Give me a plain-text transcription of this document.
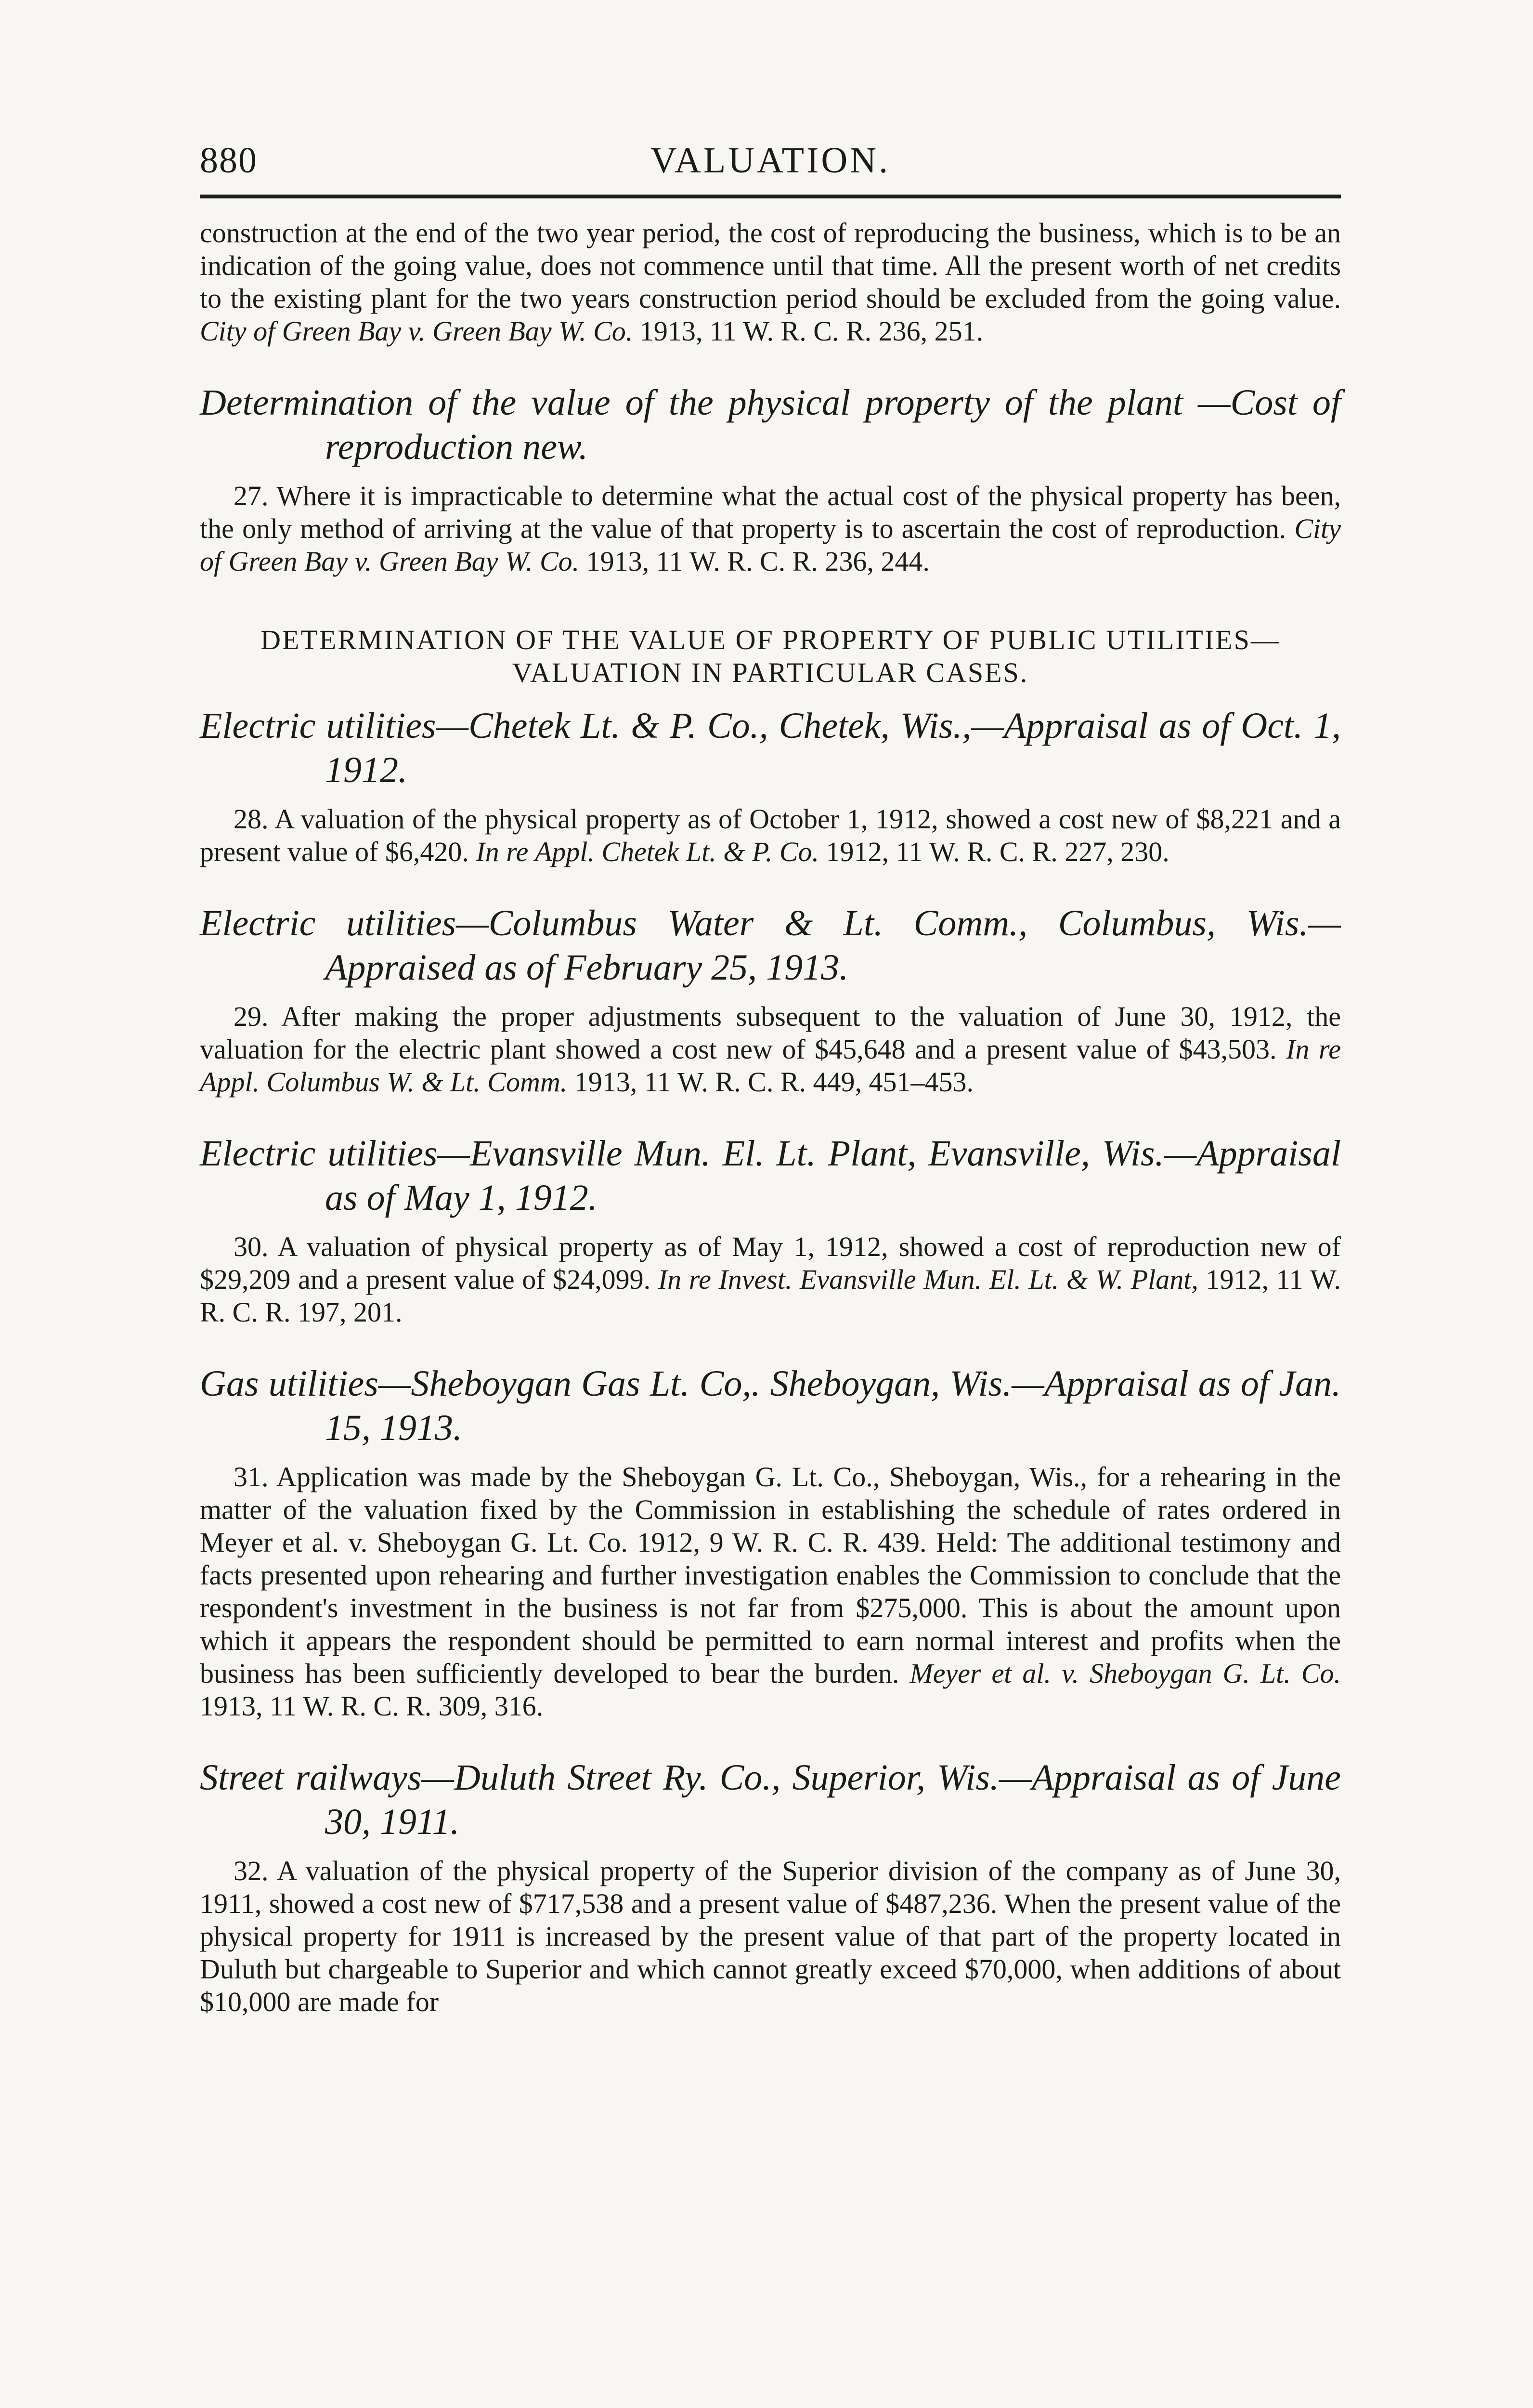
880	VALUATION.

construction at the end of the two year period, the cost of reproducing the business, which is to be an indication of the going value, does not commence until that time. All the present worth of net credits to the existing plant for the two years construction period should be excluded from the going value. City of Green Bay v. Green Bay W. Co. 1913, 11 W. R. C. R. 236, 251.

Determination of the value of the physical property of the plant —Cost of reproduction new.

27. Where it is impracticable to determine what the actual cost of the physical property has been, the only method of arriving at the value of that property is to ascertain the cost of reproduction. City of Green Bay v. Green Bay W. Co. 1913, 11 W. R. C. R. 236, 244.

DETERMINATION OF THE VALUE OF PROPERTY OF PUBLIC UTILITIES—VALUATION IN PARTICULAR CASES.
Electric utilities—Chetek Lt. & P. Co., Chetek, Wis.,—Appraisal as of Oct. 1, 1912.

28. A valuation of the physical property as of October 1, 1912, showed a cost new of $8,221 and a present value of $6,420. In re Appl. Chetek Lt. & P. Co. 1912, 11 W. R. C. R. 227, 230.

Electric utilities—Columbus Water & Lt. Comm., Columbus, Wis.—Appraised as of February 25, 1913.

29. After making the proper adjustments subsequent to the valuation of June 30, 1912, the valuation for the electric plant showed a cost new of $45,648 and a present value of $43,503. In re Appl. Columbus W. & Lt. Comm. 1913, 11 W. R. C. R. 449, 451–453.

Electric utilities—Evansville Mun. El. Lt. Plant, Evansville, Wis.—Appraisal as of May 1, 1912.

30. A valuation of physical property as of May 1, 1912, showed a cost of reproduction new of $29,209 and a present value of $24,099. In re Invest. Evansville Mun. El. Lt. & W. Plant, 1912, 11 W. R. C. R. 197, 201.

Gas utilities—Sheboygan Gas Lt. Co,. Sheboygan, Wis.—Appraisal as of Jan. 15, 1913.

31. Application was made by the Sheboygan G. Lt. Co., Sheboygan, Wis., for a rehearing in the matter of the valuation fixed by the Commission in establishing the schedule of rates ordered in Meyer et al. v. Sheboygan G. Lt. Co. 1912, 9 W. R. C. R. 439. Held: The additional testimony and facts presented upon rehearing and further investigation enables the Commission to conclude that the respondent's investment in the business is not far from $275,000. This is about the amount upon which it appears the respondent should be permitted to earn normal interest and profits when the business has been sufficiently developed to bear the burden. Meyer et al. v. Sheboygan G. Lt. Co. 1913, 11 W. R. C. R. 309, 316.

Street railways—Duluth Street Ry. Co., Superior, Wis.—Appraisal as of June 30, 1911.

32. A valuation of the physical property of the Superior division of the company as of June 30, 1911, showed a cost new of $717,538 and a present value of $487,236. When the present value of the physical property for 1911 is increased by the present value of that part of the property located in Duluth but chargeable to Superior and which cannot greatly exceed $70,000, when additions of about $10,000 are made for
